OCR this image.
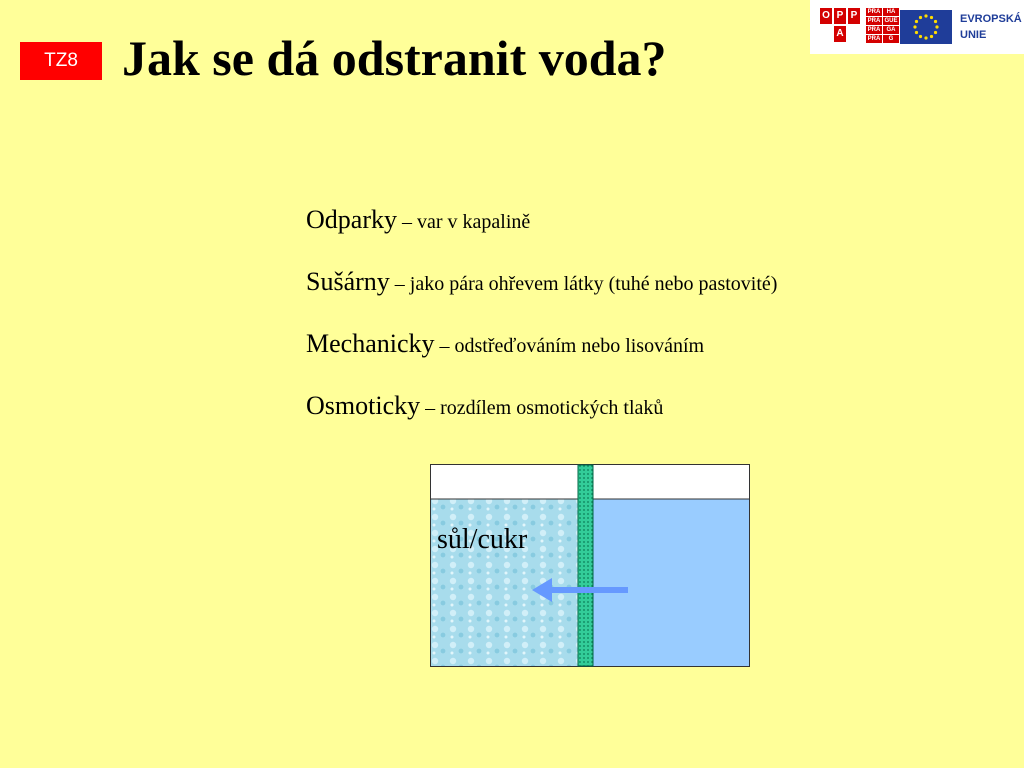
TZ8 Jak se dá odstranit voda?
O P P
A
PRA	HA
PRA GUE
PRA	GA
PRA	G
EVROPSKÁ
UNIE
Odparky – var v kapalině
Sušárny – jako pára ohřevem látky (tuhé nebo pastovité)
Mechanicky – odstřeďováním nebo lisováním
Osmoticky – rozdílem osmotických tlaků
sůl/cukr
